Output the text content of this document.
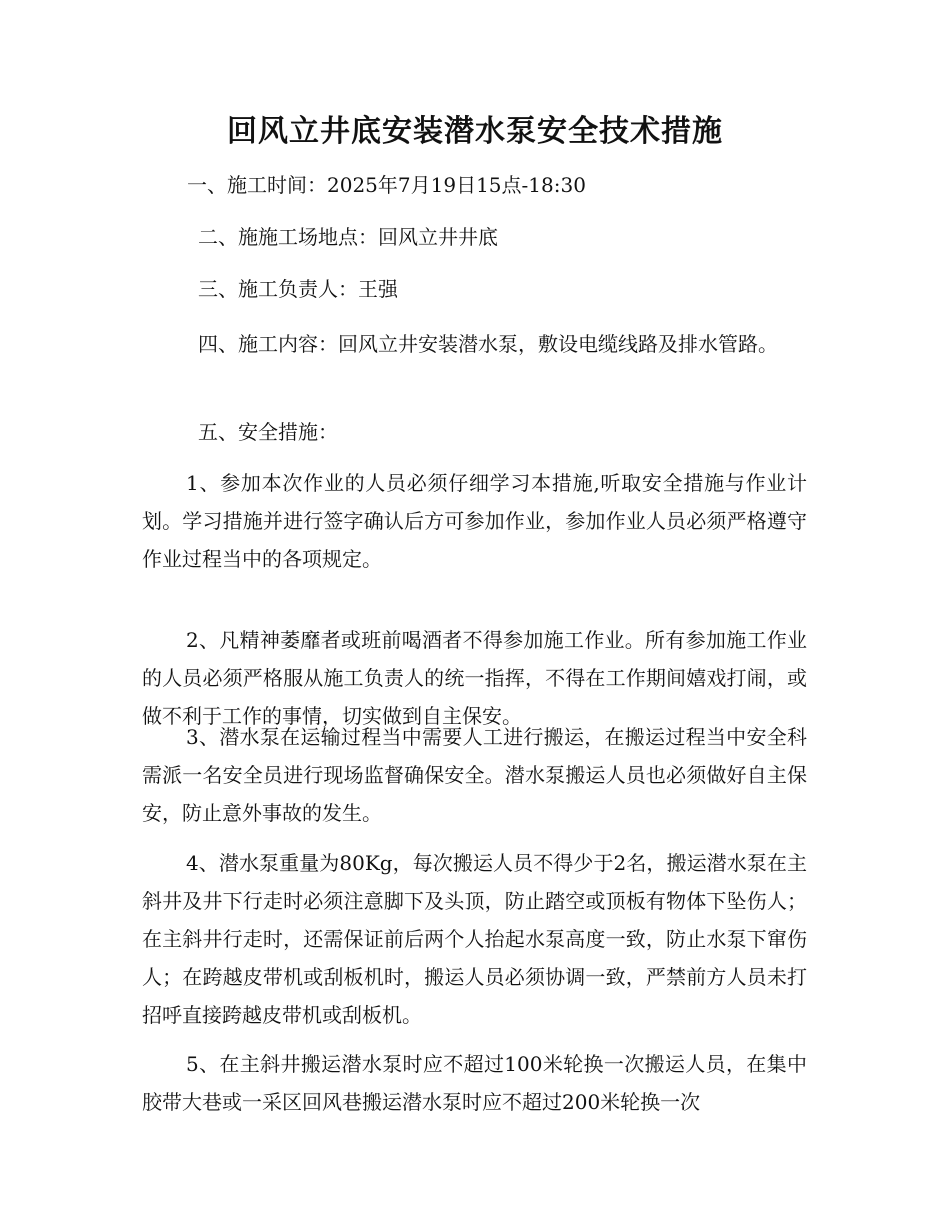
回风立井底安装潜水泵安全技术措施
一、施工时间：2025年7月19日15点-18:30
二、施施工场地点：回风立井井底
三、施工负责人：王强
四、施工内容：回风立井安装潜水泵，敷设电缆线路及排水管路。
五、安全措施：
1、参加本次作业的人员必须仔细学习本措施,听取安全措施与作业计划。学习措施并进行签字确认后方可参加作业，参加作业人员必须严格遵守作业过程当中的各项规定。
2、凡精神萎靡者或班前喝酒者不得参加施工作业。所有参加施工作业的人员必须严格服从施工负责人的统一指挥，不得在工作期间嬉戏打闹，或做不利于工作的事情，切实做到自主保安。
3、潜水泵在运输过程当中需要人工进行搬运，在搬运过程当中安全科需派一名安全员进行现场监督确保安全。潜水泵搬运人员也必须做好自主保安，防止意外事故的发生。
4、潜水泵重量为80Kg，每次搬运人员不得少于2名，搬运潜水泵在主斜井及井下行走时必须注意脚下及头顶，防止踏空或顶板有物体下坠伤人；在主斜井行走时，还需保证前后两个人抬起水泵高度一致，防止水泵下窜伤人；在跨越皮带机或刮板机时，搬运人员必须协调一致，严禁前方人员未打招呼直接跨越皮带机或刮板机。
5、在主斜井搬运潜水泵时应不超过100米轮换一次搬运人员，在集中胶带大巷或一采区回风巷搬运潜水泵时应不超过200米轮换一次
